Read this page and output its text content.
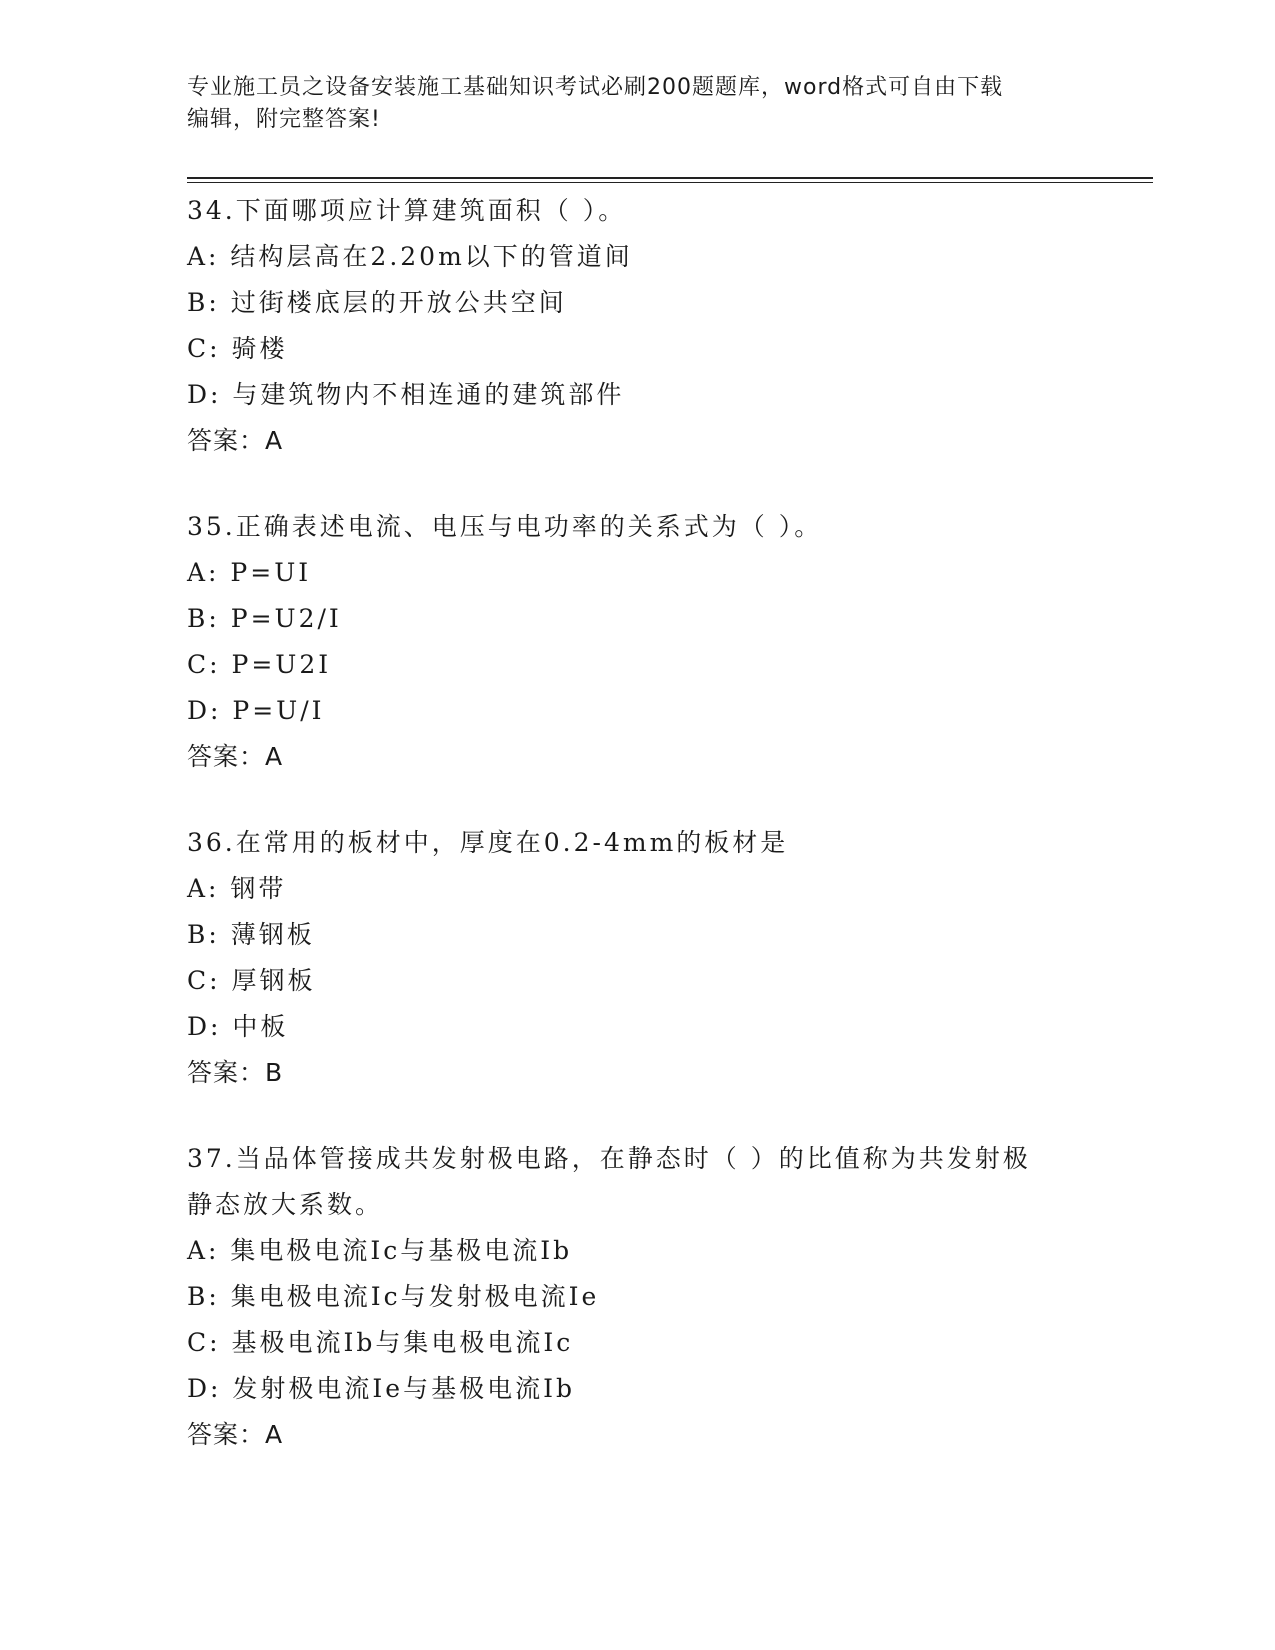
专业施工员之设备安装施工基础知识考试必刷200题题库，word格式可自由下载
编辑，附完整答案!
34.下面哪项应计算建筑面积（ ）。
A: 结构层高在2.20m以下的管道间
B: 过街楼底层的开放公共空间
C: 骑楼
D: 与建筑物内不相连通的建筑部件
答案：A
35.正确表述电流、电压与电功率的关系式为（ ）。
A: P=UI
B: P=U2/I
C: P=U2I
D: P=U/I
答案：A
36.在常用的板材中，厚度在0.2-4mm的板材是
A: 钢带
B: 薄钢板
C: 厚钢板
D: 中板
答案：B
37.当品体管接成共发射极电路，在静态时（ ）的比值称为共发射极
静态放大系数。
A: 集电极电流Ic与基极电流Ib
B: 集电极电流Ic与发射极电流Ie
C: 基极电流Ib与集电极电流Ic
D: 发射极电流Ie与基极电流Ib
答案：A
